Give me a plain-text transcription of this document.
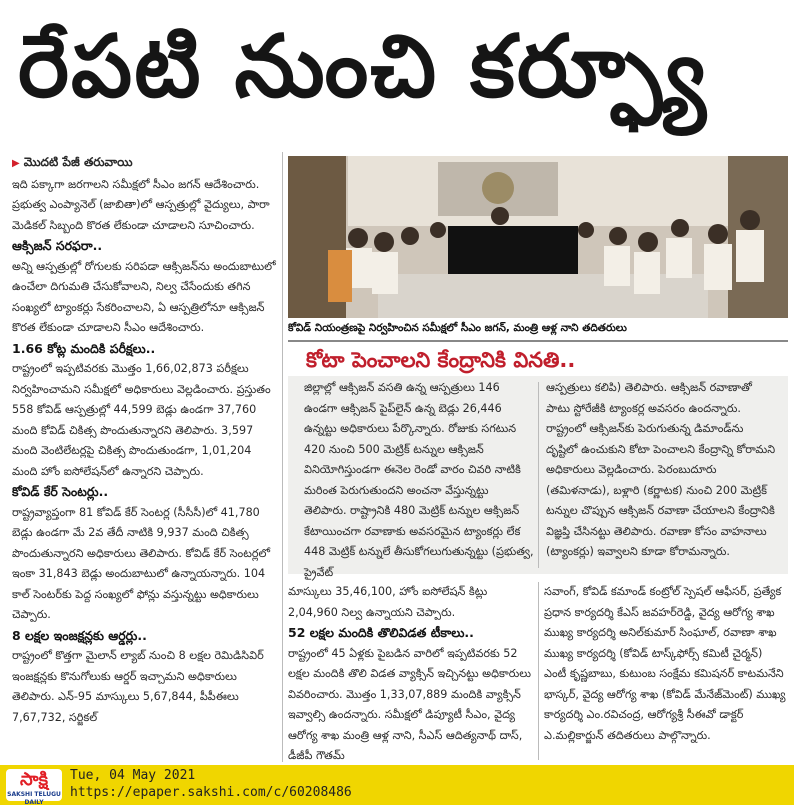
రేపటి నుంచి కర్ఫ్యూ

▶ మొదటి పేజీ తరువాయి

ఇది పక్కాగా జరగాలని సమీక్షలో సీఎం జగన్ ఆదేశించారు. ప్రభుత్వ ఎంప్యానెల్ (జాబితా)లో ఆస్పత్రుల్లో వైద్యులు, పారా మెడికల్ సిబ్బంది కొరత లేకుండా చూడాలని సూచించారు.

ఆక్సిజన్ సరఫరా..

అన్ని ఆస్పత్రుల్లో రోగులకు సరిపడా ఆక్సిజన్‌ను అందుబాటులో ఉంచేలా దిగుమతి చేసుకోవాలని, నిల్వ చేసేందుకు తగిన సంఖ్యలో ట్యాంకర్లు సేకరించాలని, ఏ ఆస్పత్రిలోనూ ఆక్సిజన్ కొరత లేకుండా చూడాలని సీఎం ఆదేశించారు.

1.66 కోట్ల మందికి పరీక్షలు..

రాష్ట్రంలో ఇప్పటివరకు మొత్తం 1,66,02,873 పరీక్షలు నిర్వహించామని సమీక్షలో అధికారులు వెల్లడించారు. ప్రస్తుతం 558 కోవిడ్ ఆస్పత్రుల్లో 44,599 బెడ్లు ఉండగా 37,760 మంది కోవిడ్ చికిత్స పొందుతున్నారని తెలిపారు. 3,597 మంది వెంటిలేటర్లపై చికిత్స పొందుతుండగా, 1,01,204 మంది హోం ఐసోలేషన్‌లో ఉన్నారని చెప్పారు.

కోవిడ్ కేర్ సెంటర్లు..

రాష్ట్రవ్యాప్తంగా 81 కోవిడ్ కేర్ సెంటర్ల (సీసీసీ)లో 41,780 బెడ్లు ఉండగా మే 2వ తేదీ నాటికి 9,937 మంది చికిత్స పొందుతున్నారని అధికారులు తెలిపారు. కోవిడ్ కేర్ సెంటర్లలో ఇంకా 31,843 బెడ్లు అందుబాటులో ఉన్నాయన్నారు. 104 కాల్ సెంటర్‌కు పెద్ద సంఖ్యలో ఫోన్లు వస్తున్నట్టు అధికారులు చెప్పారు.

8 లక్షల ఇంజక్షన్లకు ఆర్డర్లు..

రాష్ట్రంలో కొత్తగా మైలాన్ ల్యాబ్ నుంచి 8 లక్షల రెమిడిసివిర్ ఇంజక్షన్లకు కొనుగోలుకు ఆర్డర్ ఇచ్చామని అధికారులు తెలిపారు. ఎన్-95 మాస్కులు 5,67,844, పీపీఈలు 7,67,732, సర్జికల్

కోవిడ్ నియంత్రణపై నిర్వహించిన సమీక్షలో సీఎం జగన్, మంత్రి ఆళ్ల నాని తదితరులు
కోటా పెంచాలని కేంద్రానికి వినతి..

జిల్లాల్లో ఆక్సిజన్ వసతి ఉన్న ఆస్పత్రులు 146 ఉండగా ఆక్సిజన్ పైప్‌లైన్ ఉన్న బెడ్లు 26,446 ఉన్నట్టు అధికారులు పేర్కొన్నారు. రోజుకు సగటున 420 నుంచి 500 మెట్రిక్ టన్నుల ఆక్సిజన్ వినియోగిస్తుండగా ఈనెల రెండో వారం చివరి నాటికి మరింత పెరుగుతుందని అంచనా వేస్తున్నట్టు తెలిపారు. రాష్ట్రానికి 480 మెట్రిక్ టన్నుల ఆక్సిజన్ కేటాయించగా రవాణాకు అవసరమైన ట్యాంకర్లు లేక 448 మెట్రిక్ టన్నులే తీసుకోగలుగుతున్నట్టు (ప్రభుత్వ, ప్రైవేట్

ఆస్పత్రులు కలిపి) తెలిపారు. ఆక్సిజన్ రవాణాతో పాటు స్టోరేజీకి ట్యాంకర్ల అవసరం ఉందన్నారు. రాష్ట్రంలో ఆక్సిజన్‌కు పెరుగుతున్న డిమాండ్‌ను దృష్టిలో ఉంచుకుని కోటా పెంచాలని కేంద్రాన్ని కోరామని అధికారులు వెల్లడించారు. పెరంబుదూరు (తమిళనాడు), బళ్లారి (కర్ణాటక) నుంచి 200 మెట్రిక్ టన్నుల చొప్పున ఆక్సిజన్ రవాణా చేయాలని కేంద్రానికి విజ్ఞప్తి చేసినట్టు తెలిపారు. రవాణా కోసం వాహనాలు (ట్యాంకర్లు) ఇవ్వాలని కూడా కోరామన్నారు.

మాస్కులు 35,46,100, హోం ఐసోలేషన్ కిట్లు 2,04,960 నిల్వ ఉన్నాయని చెప్పారు.

52 లక్షల మందికి తొలివిడత టీకాలు..

రాష్ట్రంలో 45 ఏళ్లకు పైబడిన వారిలో ఇప్పటివరకు 52 లక్షల మందికి తొలి విడత వ్యాక్సిన్ ఇచ్చినట్టు అధికారులు వివరించారు. మొత్తం 1,33,07,889 మందికి వ్యాక్సిన్ ఇవ్వాల్సి ఉందన్నారు. సమీక్షలో డిప్యూటీ సీఎం, వైద్య ఆరోగ్య శాఖ మంత్రి ఆళ్ల నాని, సీఎస్ ఆదిత్యనాథ్ దాస్, డీజీపీ గౌతమ్

సవాంగ్, కోవిడ్ కమాండ్ కంట్రోల్ స్పెషల్ ఆఫీసర్, ప్రత్యేక ప్రధాన కార్యదర్శి కేఎస్ జవహర్‌రెడ్డి, వైద్య ఆరోగ్య శాఖ ముఖ్య కార్యదర్శి అనిల్‌కుమార్ సింఘాల్, రవాణా శాఖ ముఖ్య కార్యదర్శి (కోవిడ్ టాస్క్‌ఫోర్స్ కమిటీ చైర్మన్) ఎంటీ కృష్ణబాబు, కుటుంబ సంక్షేమ కమిషనర్ కాటమనేని భాస్కర్, వైద్య ఆరోగ్య శాఖ (కోవిడ్ మేనేజ్‌మెంట్) ముఖ్య కార్యదర్శి ఎం.రవిచంద్ర, ఆరోగ్యశ్రీ సీఈవో డాక్టర్ ఎ.మల్లికార్జున్ తదితరులు పాల్గొన్నారు.

సాక్షి
SAKSHI TELUGU DAILY
Tue, 04 May 2021
https://epaper.sakshi.com/c/60208486
